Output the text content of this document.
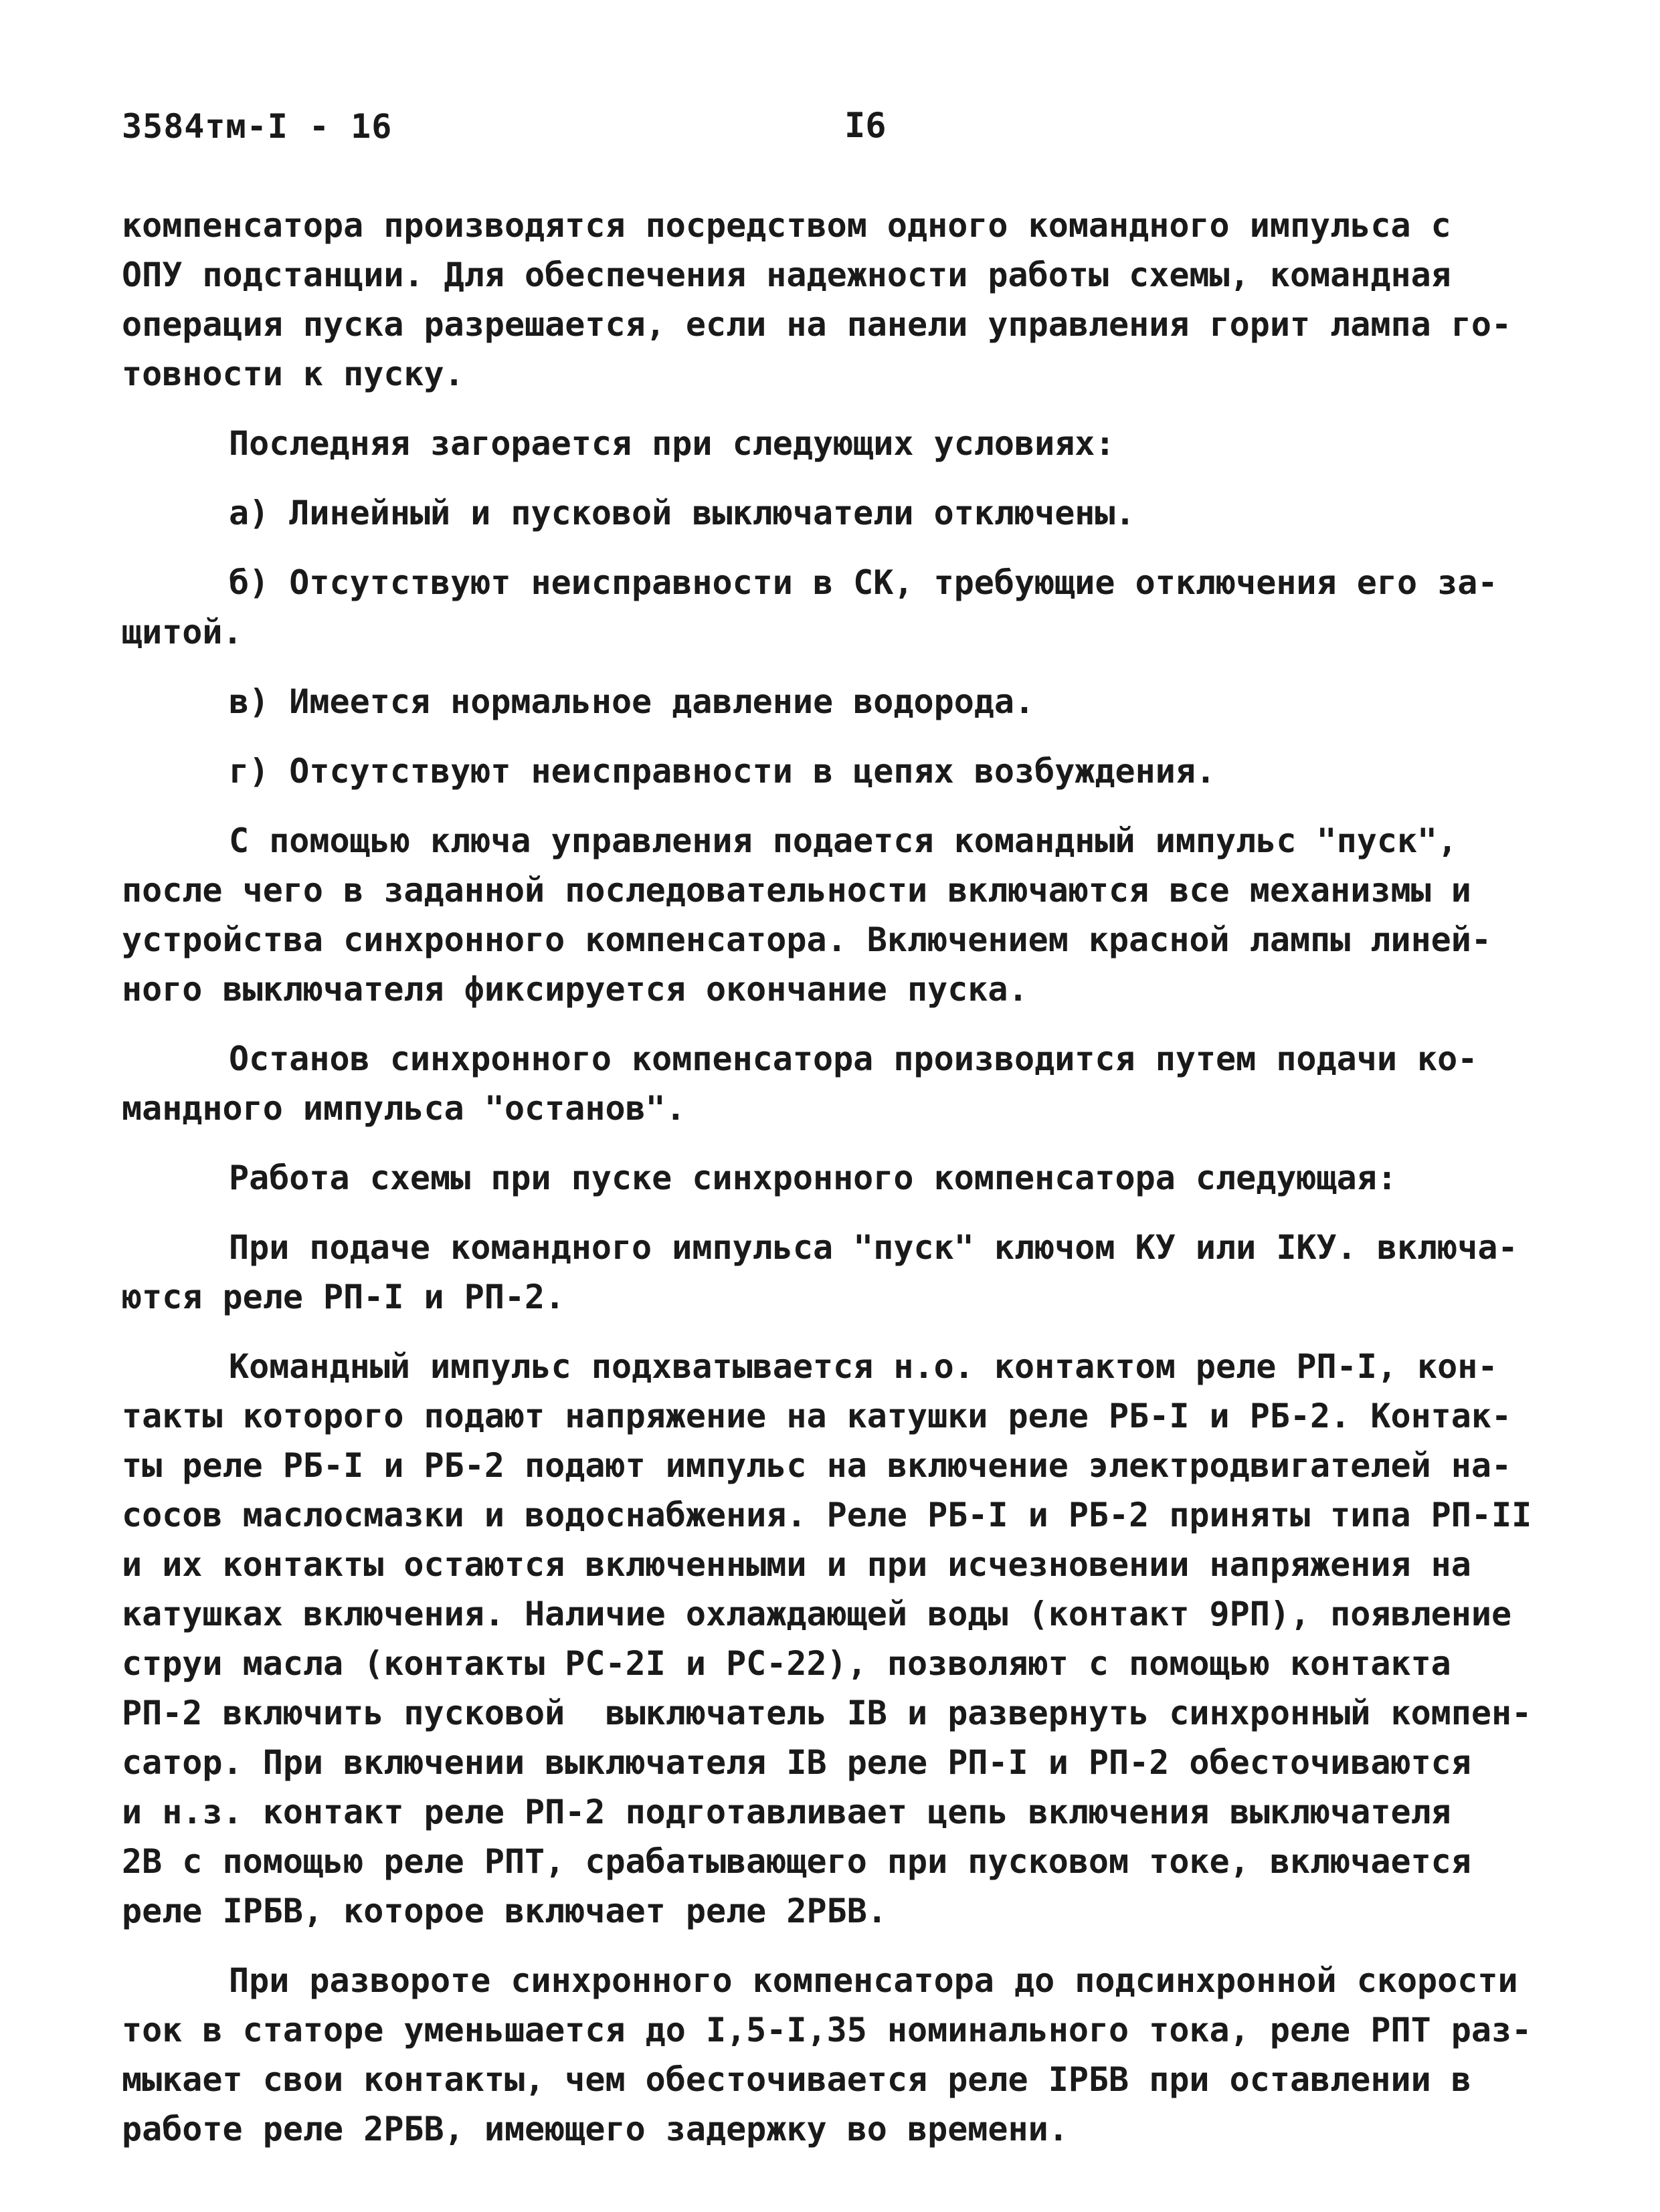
3584тм-I - 16	I6
компенсатора производятся посредством одного командного импульса с
ОПУ подстанции. Для обеспечения надежности работы схемы, командная
операция пуска разрешается, если на панели управления горит лампа го-
товности к пуску.
Последняя загорается при следующих условиях:
а) Линейный и пусковой выключатели отключены.
б) Отсутствуют неисправности в СК, требующие отключения его за-
щитой.
в) Имеется нормальное давление водорода.
г) Отсутствуют неисправности в цепях возбуждения.
С помощью ключа управления подается командный импульс "пуск",
после чего в заданной последовательности включаются все механизмы и
устройства синхронного компенсатора. Включением красной лампы линей-
ного выключателя фиксируется окончание пуска.
Останов синхронного компенсатора производится путем подачи ко-
мандного импульса "останов".
Работа схемы при пуске синхронного компенсатора следующая:
При подаче командного импульса "пуск" ключом КУ или IКУ. включа-
ются реле РП-I и РП-2.
Командный импульс подхватывается н.о. контактом реле РП-I, кон-
такты которого подают напряжение на катушки реле РБ-I и РБ-2. Контак-
ты реле РБ-I и РБ-2 подают импульс на включение электродвигателей на-
сосов маслосмазки и водоснабжения. Реле РБ-I и РБ-2 приняты типа РП-II
и их контакты остаются включенными и при исчезновении напряжения на
катушках включения. Наличие охлаждающей воды (контакт 9РП), появление
струи масла (контакты РС-2I и РС-22), позволяют с помощью контакта
РП-2 включить пусковой  выключатель IВ и развернуть синхронный компен-
сатор. При включении выключателя IВ реле РП-I и РП-2 обесточиваются
и н.з. контакт реле РП-2 подготавливает цепь включения выключателя
2В с помощью реле РПТ, срабатывающего при пусковом токе, включается
реле IРБВ, которое включает реле 2РБВ.
При развороте синхронного компенсатора до подсинхронной скорости
ток в статоре уменьшается до I,5-I,35 номинального тока, реле РПТ раз-
мыкает свои контакты, чем обесточивается реле IРБВ при оставлении в
работе реле 2РБВ, имеющего задержку во времени.
